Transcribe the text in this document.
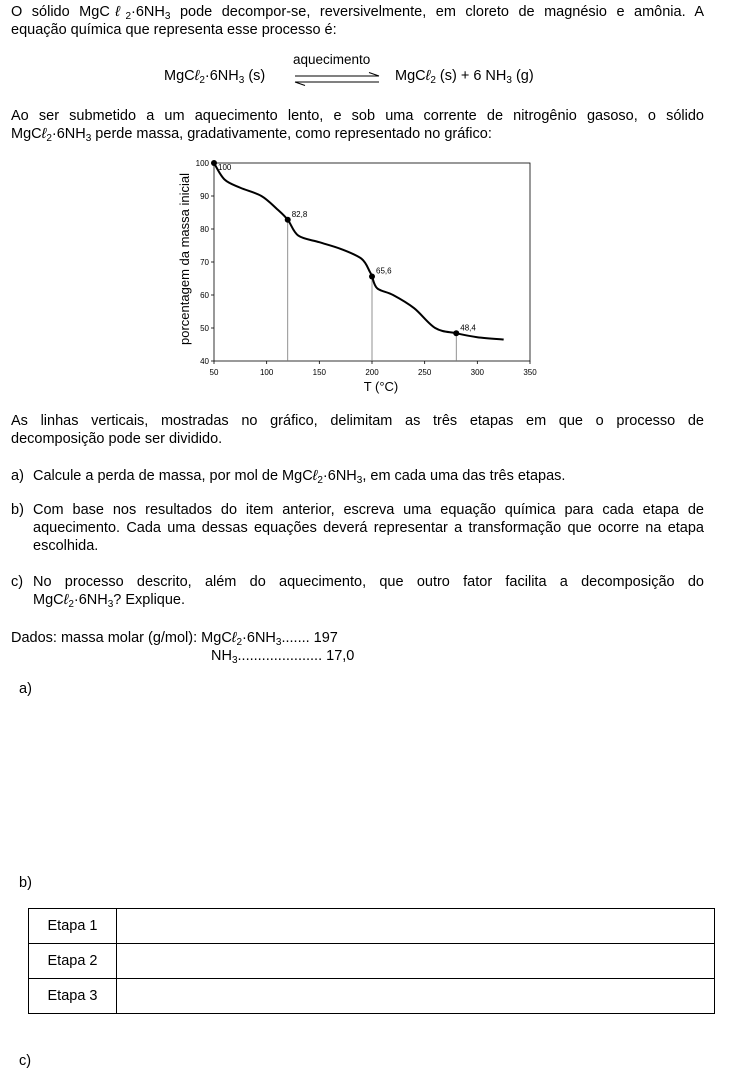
O sólido $MgC\ell_2\cdot 6NH_3$ pode decompor-se, reversivelmente, em cloreto de magnésio e amônia. A
equação química que representa esse processo é:
$MgC\ell_2\cdot 6NH_3$ (s)
aquecimento
MgCℓ$_2$ (s) + 6 $NH_3$ (g)
Ao ser submetido a um aquecimento lento, e sob uma corrente de nitrogênio gasoso, o sólido
$MgC\ell_2\cdot 6NH_3$ perde massa, gradativamente, como representado no gráfico:
100
82,8
65,6
48,4
50	100	150	200	250	300	350
40
50
60
70
80
90
100
porcentagem da massa inicial
T (°C)
As linhas verticais, mostradas no gráfico, delimitam as três etapas em que o processo de
decomposição pode ser dividido.
a) Calcule a perda de massa, por mol de $MgC\ell_2\cdot 6NH_3$, em cada uma das três etapas.
b) Com base nos resultados do item anterior, escreva uma equação química para cada etapa de aquecimento. Cada uma dessas equações deverá representar a transformação que ocorre na etapa escolhida.
c) No processo descrito, além do aquecimento, que outro fator facilita a decomposição do
$MgC\ell_2\cdot 6NH_3$? Explique.
Dados: massa molar (g/mol): $MgC\ell_2\cdot 6NH_3$....... 197
$NH_3$..................... 17,0
a)
b)
Etapa 1	
Etapa 2	
Etapa 3	
c)
